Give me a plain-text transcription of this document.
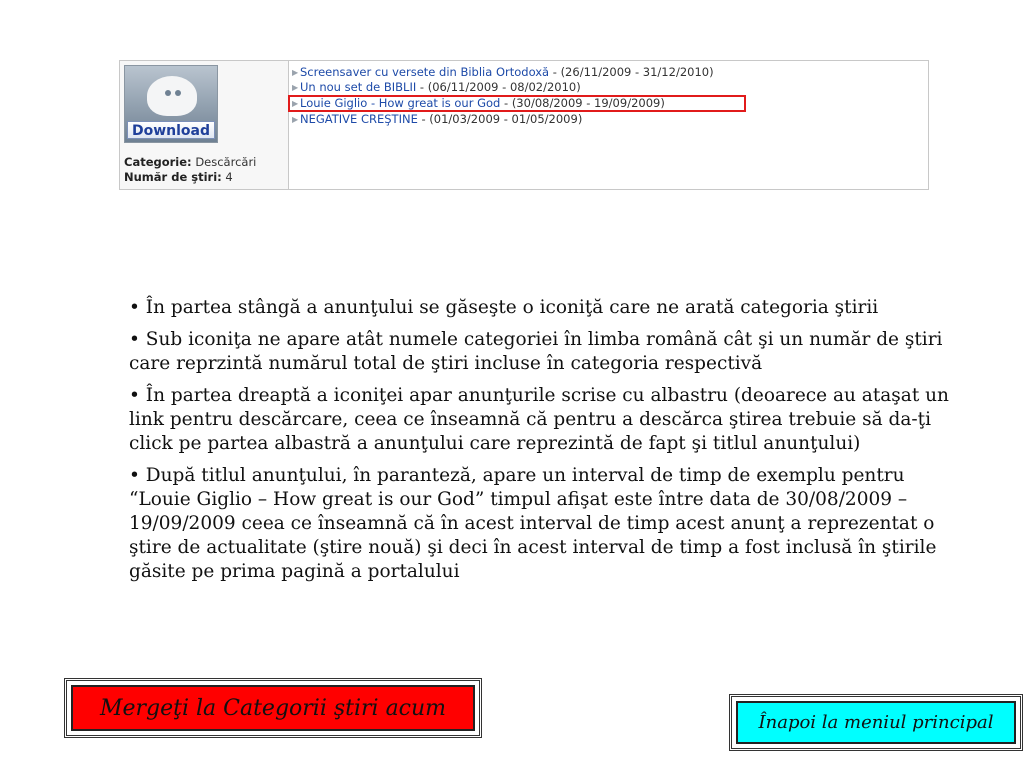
Download
Categorie: Descărcări
Număr de ştiri: 4
▶ Screensaver cu versete din Biblia Ortodoxă - (26/11/2009 - 31/12/2010)
▶ Un nou set de BIBLII - (06/11/2009 - 08/02/2010)
▶ Louie Giglio - How great is our God - (30/08/2009 - 19/09/2009)
▶ NEGATIVE CREŞTINE - (01/03/2009 - 01/05/2009)

• În partea stângă a anunţului se găseşte o iconiţă care ne arată categoria ştirii

• Sub iconiţa ne apare atât numele categoriei în limba română cât şi un număr de ştiri care reprzintă numărul total de ştiri incluse în categoria respectivă

• În partea dreaptă a iconiţei apar anunţurile scrise cu albastru (deoarece au ataşat un link pentru descărcare, ceea ce înseamnă că pentru a descărca ştirea trebuie să da-ţi click pe partea albastră a anunţului care reprezintă de fapt şi titlul anunţului)

• După titlul anunţului, în paranteză, apare un interval de timp de exemplu pentru “Louie Giglio – How great is our God” timpul afişat este între data de 30/08/2009 – 19/09/2009 ceea ce înseamnă că în acest interval de timp acest anunţ a reprezentat o ştire de actualitate (ştire nouă) şi deci în acest interval de timp a fost inclusă în ştirile găsite pe prima pagină a portalului

Mergeţi la Categorii ştiri acum
Înapoi la meniul principal
